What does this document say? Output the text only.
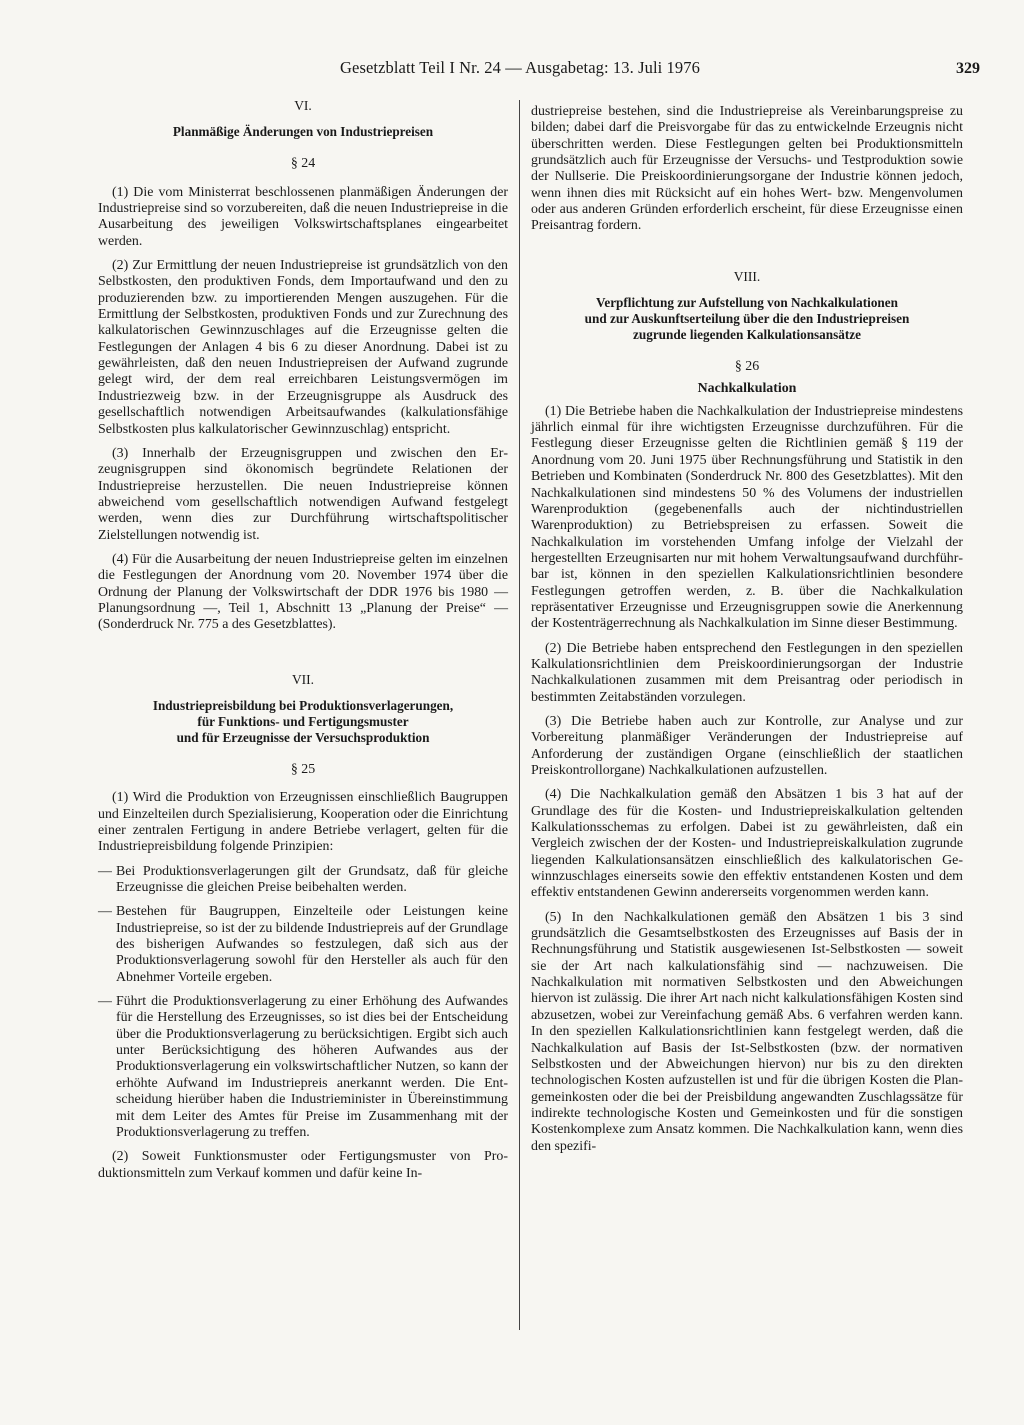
Gesetzblatt Teil I Nr. 24 — Ausgabetag: 13. Juli 1976	329
VI.
Planmäßige Änderungen von Industriepreisen
§ 24

(1) Die vom Ministerrat beschlossenen planmäßigen Änderungen der Industriepreise sind so vorzubereiten, daß die neuen Industriepreise in die Ausarbeitung des jeweiligen Volkswirtschaftsplanes eingearbeitet werden.

(2) Zur Ermittlung der neuen Industriepreise ist grundsätzlich von den Selbstkosten, den produktiven Fonds, dem Importaufwand und den zu produzierenden bzw. zu importierenden Mengen auszugehen. Für die Ermittlung der Selbstkosten, produktiven Fonds und zur Zurechnung des kalkulatorischen Gewinnzuschlages auf die Erzeugnisse gelten die Festlegungen der Anlagen 4 bis 6 zu dieser Anordnung. Dabei ist zu gewährleisten, daß den neuen Industriepreisen der Aufwand zugrunde gelegt wird, der dem real erreichbaren Leistungsvermögen im Industriezweig bzw. in der Erzeugnisgruppe als Ausdruck des gesellschaftlich notwendigen Arbeitsaufwandes (kalkulationsfähige Selbstkosten plus kalkulatorischer Gewinnzuschlag) entspricht.

(3) Innerhalb der Erzeugnisgruppen und zwischen den Erzeugnisgruppen sind ökonomisch begründete Relationen der Industriepreise herzustellen. Die neuen Industriepreise können abweichend vom gesellschaftlich notwendigen Aufwand festgelegt werden, wenn dies zur Durchführung wirtschaftspolitischer Zielstellungen notwendig ist.

(4) Für die Ausarbeitung der neuen Industriepreise gelten im einzelnen die Festlegungen der Anordnung vom 20. November 1974 über die Ordnung der Planung der Volkswirtschaft der DDR 1976 bis 1980 — Planungsordnung —, Teil 1, Abschnitt 13 „Planung der Preise“ — (Sonderdruck Nr. 775 a des Gesetzblattes).

VII.
Industriepreisbildung bei Produktionsverlagerungen,
für Funktions- und Fertigungsmuster
und für Erzeugnisse der Versuchsproduktion
§ 25

(1) Wird die Produktion von Erzeugnissen einschließlich Baugruppen und Einzelteilen durch Spezialisierung, Kooperation oder die Einrichtung einer zentralen Fertigung in andere Betriebe verlagert, gelten für die Industriepreisbildung folgende Prinzipien:

— Bei Produktionsverlagerungen gilt der Grundsatz, daß für gleiche Erzeugnisse die gleichen Preise beibehalten werden.
— Bestehen für Baugruppen, Einzelteile oder Leistungen keine Industriepreise, so ist der zu bildende Industriepreis auf der Grundlage des bisherigen Aufwandes so festzulegen, daß sich aus der Produktionsverlagerung sowohl für den Hersteller als auch für den Abnehmer Vorteile ergeben.
— Führt die Produktionsverlagerung zu einer Erhöhung des Aufwandes für die Herstellung des Erzeugnisses, so ist dies bei der Entscheidung über die Produktionsverlagerung zu berücksichtigen. Ergibt sich auch unter Berücksichtigung des höheren Aufwandes aus der Produktionsverlagerung ein volkswirtschaftlicher Nutzen, so kann der erhöhte Aufwand im Industriepreis anerkannt werden. Die Entscheidung hierüber haben die Industrieminister in Übereinstimmung mit dem Leiter des Amtes für Preise im Zusammenhang mit der Produktionsverlagerung zu treffen.

(2) Soweit Funktionsmuster oder Fertigungsmuster von Produktionsmitteln zum Verkauf kommen und dafür keine In-

dustriepreise bestehen, sind die Industriepreise als Vereinbarungspreise zu bilden; dabei darf die Preisvorgabe für das zu entwickelnde Erzeugnis nicht überschritten werden. Diese Festlegungen gelten bei Produktionsmitteln grundsätzlich auch für Erzeugnisse der Versuchs- und Testproduktion sowie der Nullserie. Die Preiskoordinierungsorgane der Industrie können jedoch, wenn ihnen dies mit Rücksicht auf ein hohes Wert- bzw. Mengenvolumen oder aus anderen Gründen erforderlich erscheint, für diese Erzeugnisse einen Preisantrag fordern.

VIII.
Verpflichtung zur Aufstellung von Nachkalkulationen
und zur Auskunftserteilung über die den Industriepreisen
zugrunde liegenden Kalkulationsansätze
§ 26
Nachkalkulation

(1) Die Betriebe haben die Nachkalkulation der Industriepreise mindestens jährlich einmal für ihre wichtigsten Erzeugnisse durchzuführen. Für die Festlegung dieser Erzeugnisse gelten die Richtlinien gemäß § 119 der Anordnung vom 20. Juni 1975 über Rechnungsführung und Statistik in den Betrieben und Kombinaten (Sonderdruck Nr. 800 des Gesetzblattes). Mit den Nachkalkulationen sind mindestens 50 % des Volumens der industriellen Warenproduktion (gegebenenfalls auch der nichtindustriellen Warenproduktion) zu Betriebspreisen zu erfassen. Soweit die Nachkalkulation im vorstehenden Umfang infolge der Vielzahl der hergestellten Erzeugnisarten nur mit hohem Verwaltungsaufwand durchführbar ist, können in den speziellen Kalkulationsrichtlinien besondere Festlegungen getroffen werden, z. B. über die Nachkalkulation repräsentativer Erzeugnisse und Erzeugnisgruppen sowie die Anerkennung der Kostenträgerrechnung als Nachkalkulation im Sinne dieser Bestimmung.

(2) Die Betriebe haben entsprechend den Festlegungen in den speziellen Kalkulationsrichtlinien dem Preiskoordinierungsorgan der Industrie Nachkalkulationen zusammen mit dem Preisantrag oder periodisch in bestimmten Zeitabständen vorzulegen.

(3) Die Betriebe haben auch zur Kontrolle, zur Analyse und zur Vorbereitung planmäßiger Veränderungen der Industriepreise auf Anforderung der zuständigen Organe (einschließlich der staatlichen Preiskontrollorgane) Nachkalkulationen aufzustellen.

(4) Die Nachkalkulation gemäß den Absätzen 1 bis 3 hat auf der Grundlage des für die Kosten- und Industriepreiskalkulation geltenden Kalkulationsschemas zu erfolgen. Dabei ist zu gewährleisten, daß ein Vergleich zwischen der der Kosten- und Industriepreiskalkulation zugrunde liegenden Kalkulationsansätzen einschließlich des kalkulatorischen Gewinnzuschlages einerseits sowie den effektiv entstandenen Kosten und dem effektiv entstandenen Gewinn andererseits vorgenommen werden kann.

(5) In den Nachkalkulationen gemäß den Absätzen 1 bis 3 sind grundsätzlich die Gesamtselbstkosten des Erzeugnisses auf Basis der in Rechnungsführung und Statistik ausgewiesenen Ist-Selbstkosten — soweit sie der Art nach kalkulationsfähig sind — nachzuweisen. Die Nachkalkulation mit normativen Selbstkosten und den Abweichungen hiervon ist zulässig. Die ihrer Art nach nicht kalkulationsfähigen Kosten sind abzusetzen, wobei zur Vereinfachung gemäß Abs. 6 verfahren werden kann. In den speziellen Kalkulationsrichtlinien kann festgelegt werden, daß die Nachkalkulation auf Basis der Ist-Selbstkosten (bzw. der normativen Selbstkosten und der Abweichungen hiervon) nur bis zu den direkten technologischen Kosten aufzustellen ist und für die übrigen Kosten die Plangemeinkosten oder die bei der Preisbildung angewandten Zuschlagssätze für indirekte technologische Kosten und Gemeinkosten und für die sonstigen Kostenkomplexe zum Ansatz kommen. Die Nachkalkulation kann, wenn dies den spezifi-
